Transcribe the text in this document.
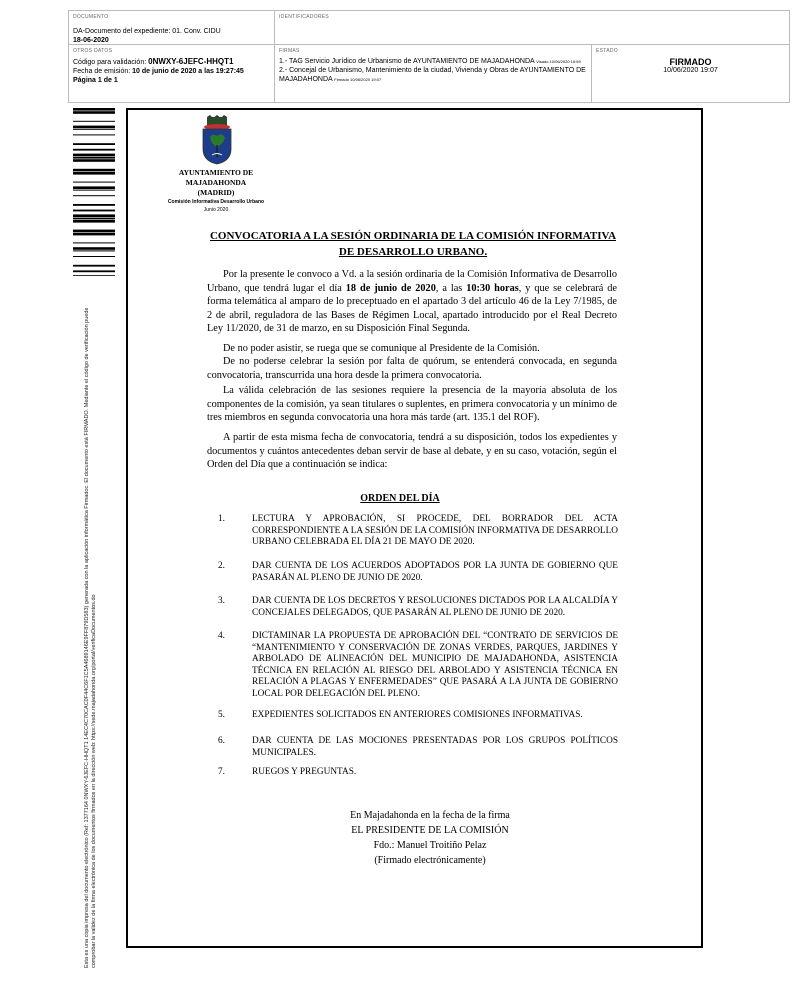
DOCUMENTO
DA-Documento del expediente: 01. Conv. CIDU
18-06-2020
IDENTIFICADORES
OTROS DATOS
Código para validación: 0NWXY-6JEFC-HHQT1
Fecha de emisión: 10 de junio de 2020 a las 19:27:45
Página 1 de 1
FIRMAS
1.- TAG Servicio Jurídico de Urbanismo de AYUNTAMIENTO DE MAJADAHONDA Visado 10/06/2020 16:59
2.- Concejal de Urbanismo, Mantenimiento de la ciudad, Vivienda y Obras de AYUNTAMIENTO DE MAJADAHONDA Firmado 10/06/2020 19:07
ESTADO
FIRMADO
10/06/2020 19:07
Esta es una copia impresa del documento electrónico (Ref: 1377164 0NWXY-6JEFC-HHQT1 14EC4C70CAC0F44C6F1C5A4689146E9FF879D583) generada con la aplicación informática Firmadoc. El documento está FIRMADO. Mediante el código de verificación puede comprobar la validez de la firma electrónica de los documentos firmados en la dirección web: https://sede.majadahonda.org/portal/verificaDocumentos.do
AYUNTAMIENTO DE
MAJADAHONDA
(MADRID)
Comisión Informativa Desarrollo Urbano
Junio 2020
CONVOCATORIA A LA SESIÓN ORDINARIA DE LA COMISIÓN INFORMATIVA
DE DESARROLLO URBANO.

Por la presente le convoco a Vd. a la sesión ordinaria de la Comisión Informativa de Desarrollo Urbano, que tendrá lugar el día 18 de junio de 2020, a las 10:30 horas, y que se celebrará de forma telemática al amparo de lo preceptuado en el apartado 3 del artículo 46 de la Ley 7/1985, de 2 de abril, reguladora de las Bases de Régimen Local, apartado introducido por el Real Decreto Ley 11/2020, de 31 de marzo, en su Disposición Final Segunda.

De no poder asistir, se ruega que se comunique al Presidente de la Comisión.

De no poderse celebrar la sesión por falta de quórum, se entenderá convocada, en segunda convocatoria, transcurrida una hora desde la primera convocatoria.

La válida celebración de las sesiones requiere la presencia de la mayoría absoluta de los componentes de la comisión, ya sean titulares o suplentes, en primera convocatoria y un mínimo de tres miembros en segunda convocatoria una hora más tarde (art. 135.1 del ROF).

A partir de esta misma fecha de convocatoria, tendrá a su disposición, todos los expedientes y documentos y cuántos antecedentes deban servir de base al debate, y en su caso, votación, según el Orden del Día que a continuación se indica:

ORDEN DEL DÍA
1.	LECTURA Y APROBACIÓN, SI PROCEDE, DEL BORRADOR DEL ACTA CORRESPONDIENTE A LA SESIÓN DE LA COMISIÓN INFORMATIVA DE DESARROLLO URBANO CELEBRADA EL DÍA 21 DE MAYO DE 2020.
2.	DAR CUENTA DE LOS ACUERDOS ADOPTADOS POR LA JUNTA DE GOBIERNO QUE PASARÁN AL PLENO DE JUNIO DE 2020.
3.	DAR CUENTA DE LOS DECRETOS Y RESOLUCIONES DICTADOS POR LA ALCALDÍA Y CONCEJALES DELEGADOS, QUE PASARÁN AL PLENO DE JUNIO DE 2020.
4.	DICTAMINAR LA PROPUESTA DE APROBACIÓN DEL “CONTRATO DE SERVICIOS DE “MANTENIMIENTO Y CONSERVACIÓN DE ZONAS VERDES, PARQUES, JARDINES Y ARBOLADO DE ALINEACIÓN DEL MUNICIPIO DE MAJADAHONDA, ASISTENCIA TÉCNICA EN RELACIÓN AL RIESGO DEL ARBOLADO Y ASISTENCIA TÉCNICA EN RELACIÓN A PLAGAS Y ENFERMEDADES” QUE PASARÁ A LA JUNTA DE GOBIERNO LOCAL POR DELEGACIÓN DEL PLENO.
5.	EXPEDIENTES SOLICITADOS EN ANTERIORES COMISIONES INFORMATIVAS.
6.	DAR CUENTA DE LAS MOCIONES PRESENTADAS POR LOS GRUPOS POLÍTICOS MUNICIPALES.
7.	RUEGOS Y PREGUNTAS.
En Majadahonda en la fecha de la firma
EL PRESIDENTE DE LA COMISIÓN
Fdo.: Manuel Troitiño Pelaz
(Firmado electrónicamente)
